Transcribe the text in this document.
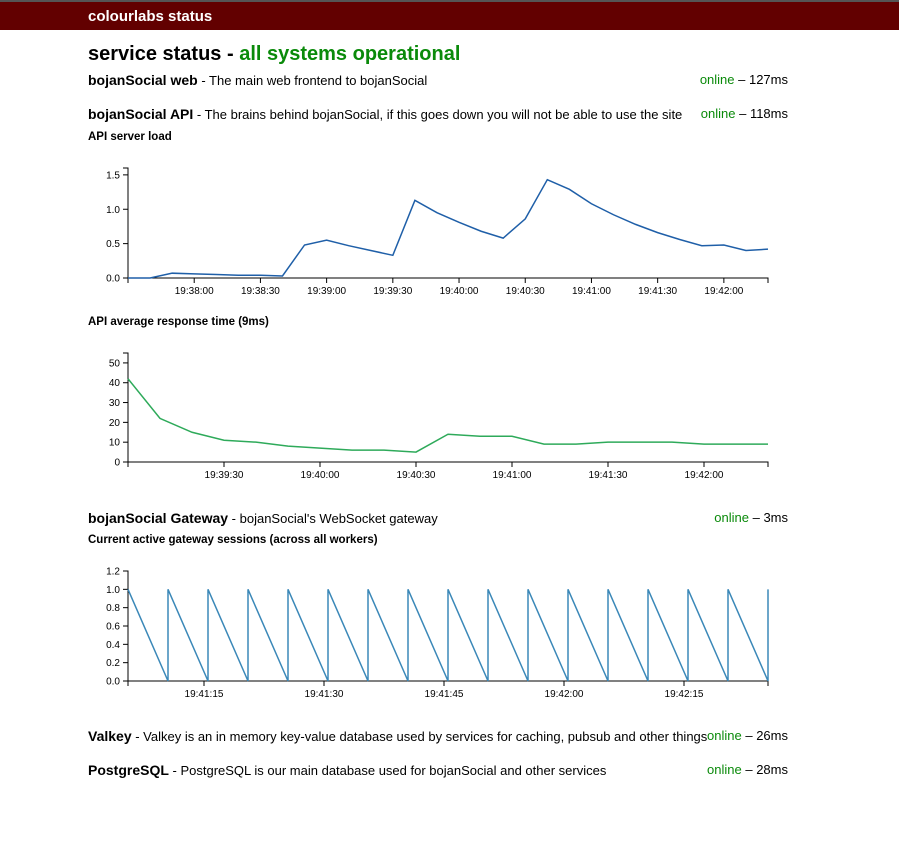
colourlabs status
service status - all systems operational
bojanSocial web - The main web frontend to bojanSocial	online – 127ms
bojanSocial API - The brains behind bojanSocial, if this goes down you will not be able to use the site online – 118ms
API server load
API average response time (9ms)
bojanSocial Gateway - bojanSocial's WebSocket gateway	online – 3ms
Current active gateway sessions (across all workers)
Valkey - Valkey is an in memory key-value database used by services for caching, pubsub and other things online – 26ms
PostgreSQL - PostgreSQL is our main database used for bojanSocial and other services	online – 28ms
0.0
0.5
1.0
1.5
19:38:00	19:38:30	19:39:00	19:39:30	19:40:00	19:40:30	19:41:00	19:41:30	19:42:00
0
10
20
30
40
50
19:39:30	19:40:00	19:40:30	19:41:00	19:41:30	19:42:00
0.0
0.2
0.4
0.6
0.8
1.0
1.2
19:41:15	19:41:30	19:41:45	19:42:00	19:42:15
